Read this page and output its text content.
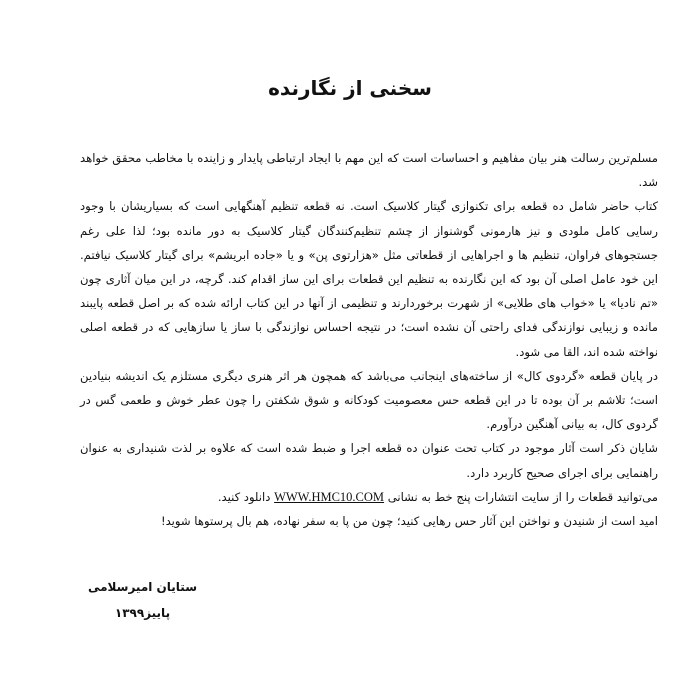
سخنی از نگارنده

مسلم‌ترین رسالت هنر بیان مفاهیم و احساسات است که این مهم با ایجاد ارتباطی پایدار و زاینده با مخاطب محقق خواهد شد.

کتاب حاضر شامل ده قطعه برای تکنوازی گیتار کلاسیک است. نه قطعه تنظیم آهنگهایی است که بسیاریشان با وجود رسایی کامل ملودی و نیز هارمونی گوشنواز از چشم تنظیم‌کنندگان گیتار کلاسیک به دور مانده بود؛ لذا علی رغم جستجوهای فراوان، تنظیم ها و اجراهایی از قطعاتی مثل «هزارتوی پن» و یا «جاده ابریشم» برای گیتار کلاسیک نیافتم. این خود عامل اصلی آن بود که این نگارنده به تنظیم این قطعات برای این ساز اقدام کند. گرچه، در این میان آثاری چون «تم نادیا» یا «خواب های طلایی» از شهرت برخوردارند و تنظیمی از آنها در این کتاب ارائه شده که بر اصل قطعه پایبند مانده و زیبایی نوازندگی فدای راحتی آن نشده است؛ در نتیجه احساس نوازندگی با ساز یا سازهایی که در قطعه اصلی نواخته شده اند، القا می شود.

در پایان قطعه «گردوی کال» از ساخته‌های اینجانب می‌باشد که همچون هر اثر هنری دیگری مستلزم یک اندیشه بنیادین است؛ تلاشم بر آن بوده تا در این قطعه حس معصومیت کودکانه و شوق شکفتن را چون عطر خوش و طعمی گس در گردوی کال، به بیانی آهنگین درآورم.

شایان ذکر است آثار موجود در کتاب تحت عنوان ده قطعه اجرا و ضبط شده است که علاوه بر لذت شنیداری به عنوان راهنمایی برای اجرای صحیح کاربرد دارد.

می‌توانید قطعات را از سایت انتشارات پنج خط به نشانی WWW.HMC10.COM دانلود کنید.

امید است از شنیدن و نواختن این آثار حس رهایی کنید؛ چون من پا به سفر نهاده، هم بال پرستوها شوید!

ستایان امیرسلامی
پاییز۱۳۹۹
